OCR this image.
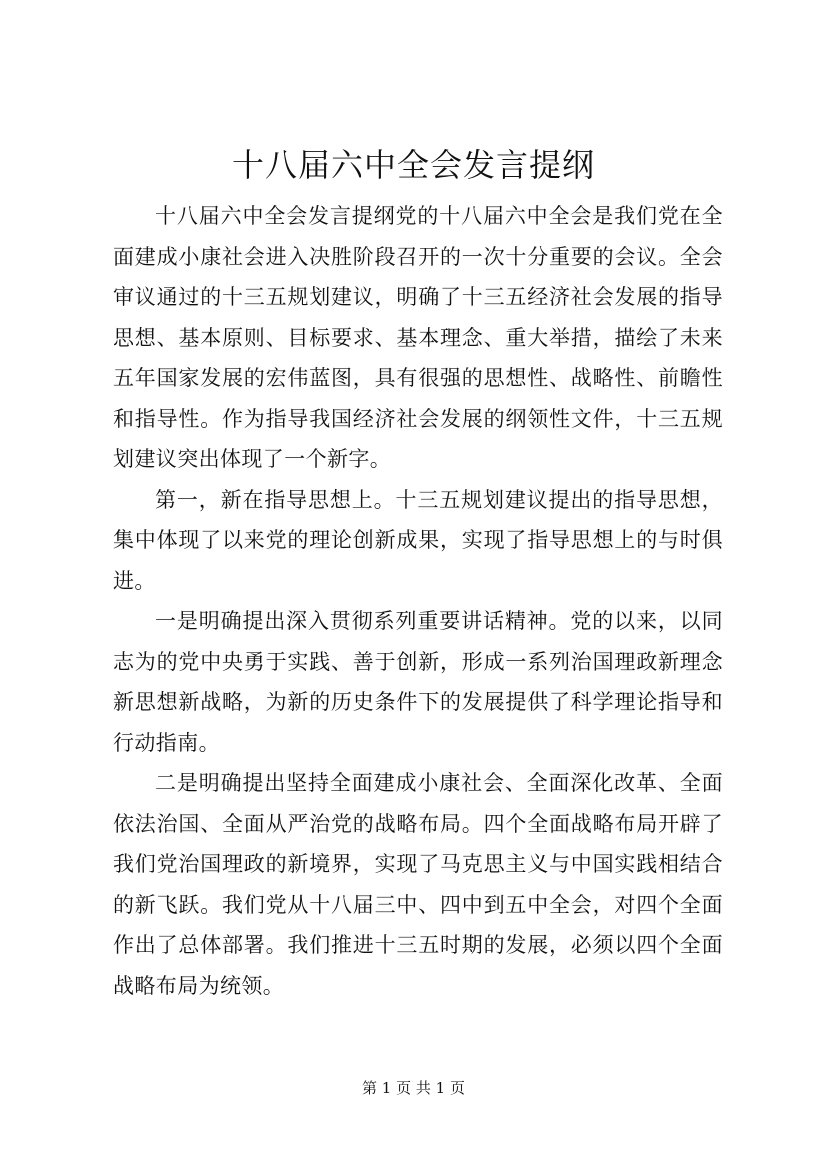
十八届六中全会发言提纲

十八届六中全会发言提纲党的十八届六中全会是我们党在全面建成小康社会进入决胜阶段召开的一次十分重要的会议。全会审议通过的十三五规划建议，明确了十三五经济社会发展的指导思想、基本原则、目标要求、基本理念、重大举措，描绘了未来五年国家发展的宏伟蓝图，具有很强的思想性、战略性、前瞻性和指导性。作为指导我国经济社会发展的纲领性文件，十三五规划建议突出体现了一个新字。

第一，新在指导思想上。十三五规划建议提出的指导思想，集中体现了以来党的理论创新成果，实现了指导思想上的与时俱进。

一是明确提出深入贯彻系列重要讲话精神。党的以来，以同志为的党中央勇于实践、善于创新，形成一系列治国理政新理念新思想新战略，为新的历史条件下的发展提供了科学理论指导和行动指南。

二是明确提出坚持全面建成小康社会、全面深化改革、全面依法治国、全面从严治党的战略布局。四个全面战略布局开辟了我们党治国理政的新境界，实现了马克思主义与中国实践相结合的新飞跃。我们党从十八届三中、四中到五中全会，对四个全面作出了总体部署。我们推进十三五时期的发展，必须以四个全面战略布局为统领。

第 1 页 共 1 页
